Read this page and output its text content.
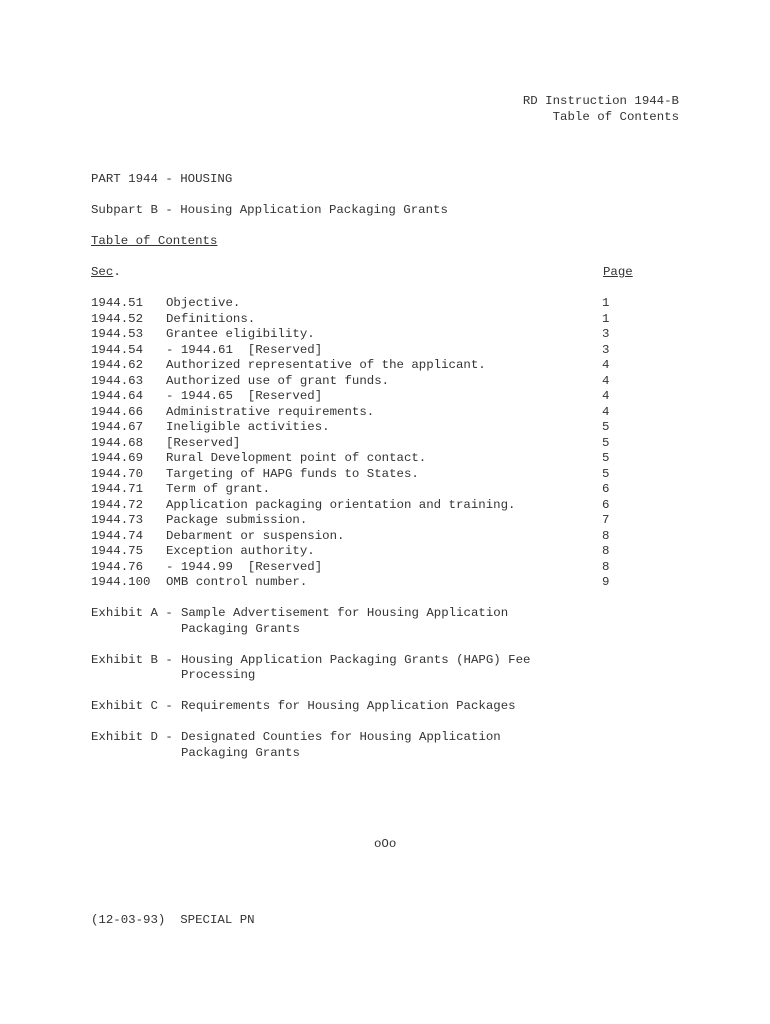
RD Instruction 1944-B
Table of Contents
PART 1944 - HOUSING
Subpart B - Housing Application Packaging Grants
Table of Contents
Sec.	Page
1944.51 Objective.	1
1944.52 Definitions.	1
1944.53 Grantee eligibility.	3
1944.54 - 1944.61  [Reserved]	3
1944.62 Authorized representative of the applicant.	4
1944.63 Authorized use of grant funds.	4
1944.64 - 1944.65  [Reserved]	4
1944.66 Administrative requirements.	4
1944.67 Ineligible activities.	5
1944.68 [Reserved]	5
1944.69 Rural Development point of contact.	5
1944.70 Targeting of HAPG funds to States.	5
1944.71 Term of grant.	6
1944.72 Application packaging orientation and training.	6
1944.73 Package submission.	7
1944.74 Debarment or suspension.	8
1944.75 Exception authority.	8
1944.76 - 1944.99  [Reserved]	8
1944.100 OMB control number.	9
Exhibit A - Sample Advertisement for Housing Application
Packaging Grants
Exhibit B - Housing Application Packaging Grants (HAPG) Fee
Processing
Exhibit C - Requirements for Housing Application Packages
Exhibit D - Designated Counties for Housing Application
Packaging Grants
oOo
(12-03-93)  SPECIAL PN
